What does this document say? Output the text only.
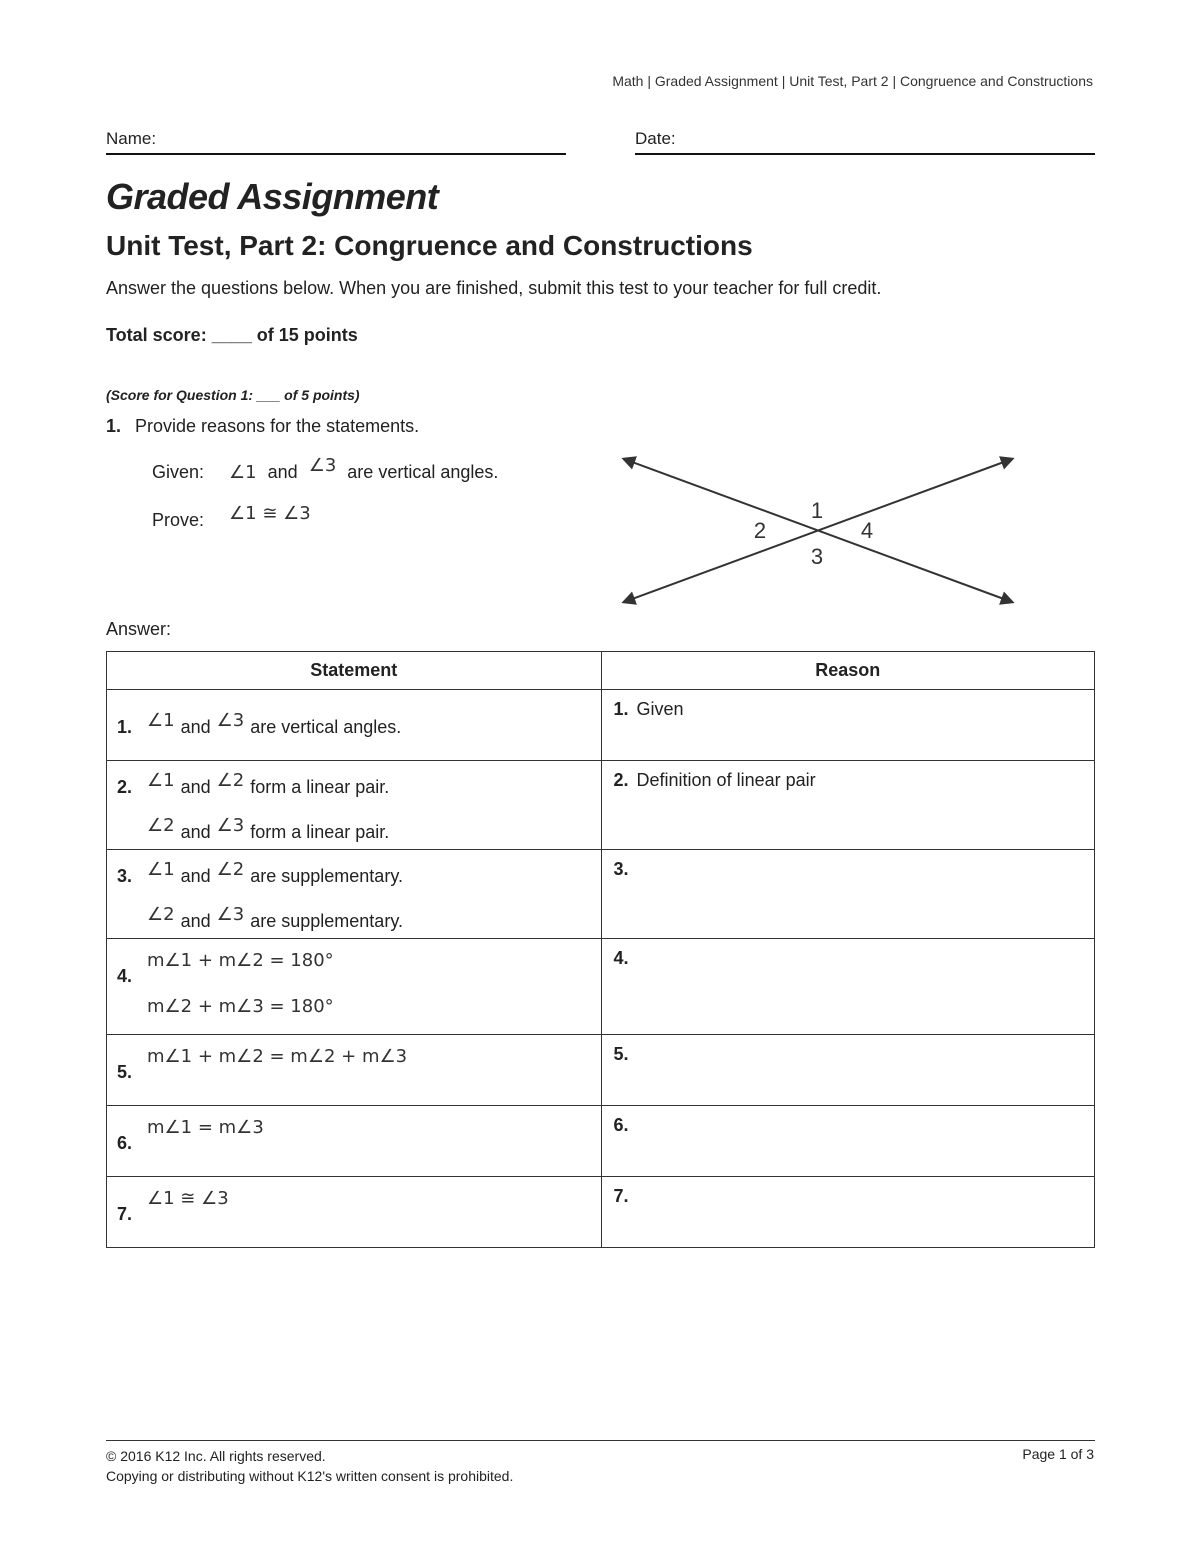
Math | Graded Assignment | Unit Test, Part 2 | Congruence and Constructions
Name:	Date:
Graded Assignment
Unit Test, Part 2: Congruence and Constructions
Answer the questions below. When you are finished, submit this test to your teacher for full credit.
Total score: ____ of 15 points
(Score for Question 1: ___ of 5 points)
1. Provide reasons for the statements.
Given: ∠1 and ∠3 are vertical angles.
Prove: ∠1 ≅ ∠3	1
2
3
4
Answer:
Statement	Reason

1. ∠1 and ∠3 are vertical angles.	1. Given

2. ∠1 and ∠2 form a linear pair.
∠2 and ∠3 form a linear pair.	2. Definition of linear pair

3. ∠1 and ∠2 are supplementary.
∠2 and ∠3 are supplementary.	3.

4.
m∠1 + m∠2 = 180°
m∠2 + m∠3 = 180°	4.

5.
m∠1 + m∠2 = m∠2 + m∠3	5.

6.
m∠1 = m∠3	6.

7.
∠1 ≅ ∠3	7.
© 2016 K12 Inc. All rights reserved.
Copying or distributing without K12's written consent is prohibited.
Page 1 of 3
